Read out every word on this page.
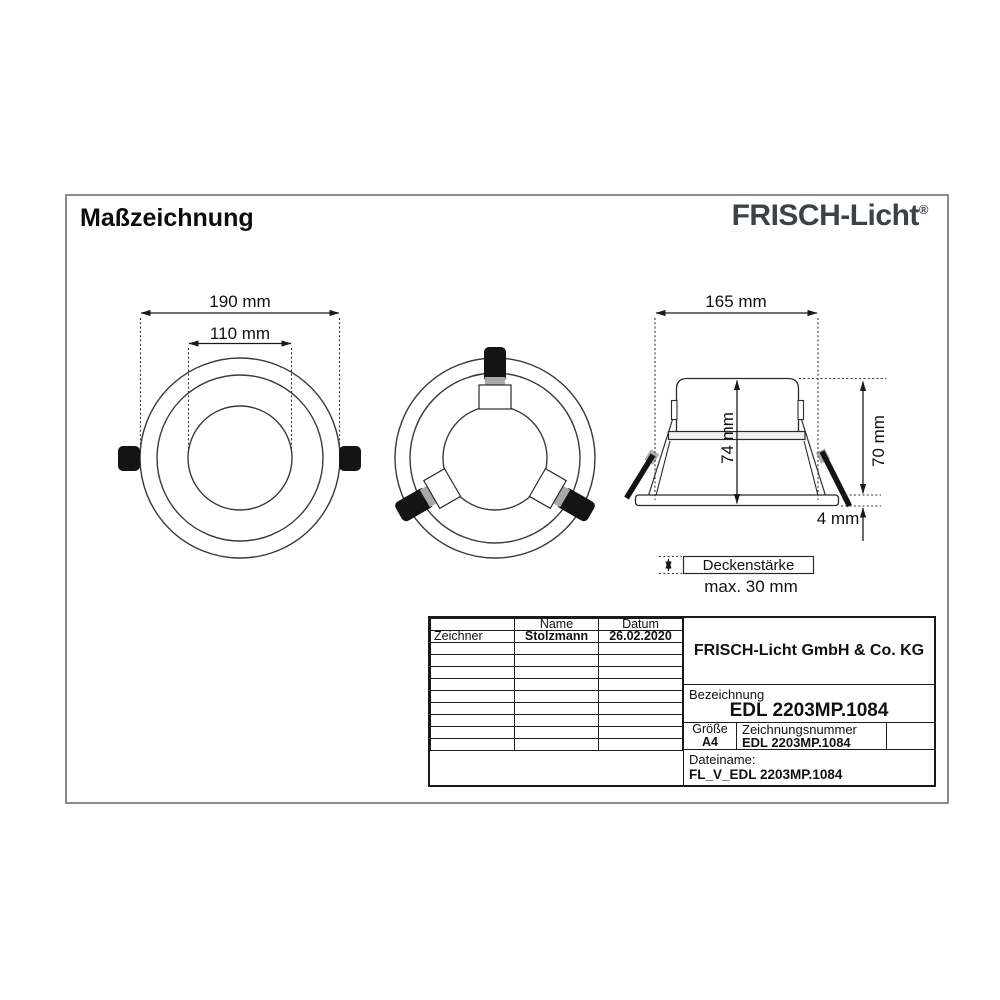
Maßzeichnung	FRISCH-Licht®
190 mm
110 mm
165 mm
74 mm	70 mm
4 mm
Deckenstärke
max. 30 mm
	Name	Datum
Zeichner	Stolzmann	26.02.2020

FRISCH-Licht GmbH & Co. KG
Bezeichnung
EDL 2203MP.1084
Größe
A4
Zeichnungsnummer
EDL 2203MP.1084
Dateiname:
FL_V_EDL 2203MP.1084
